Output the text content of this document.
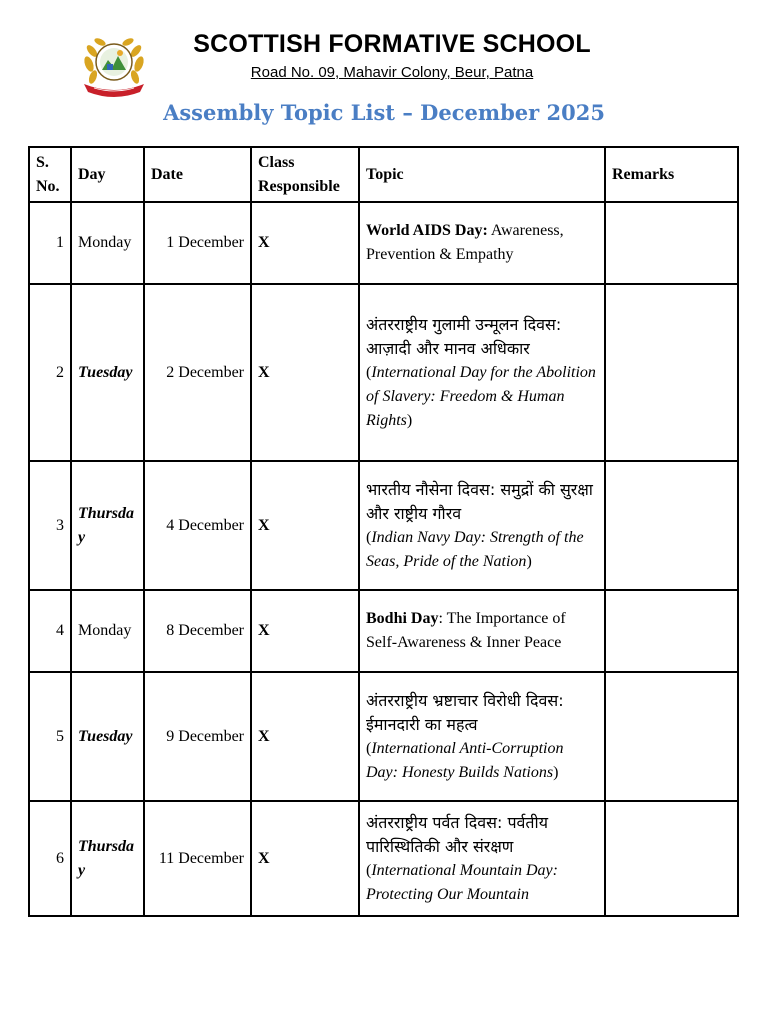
SCOTTISH FORMATIVE SCHOOL
Road No. 09, Mahavir Colony, Beur, Patna
Assembly Topic List – December 2025
S. No.	Day	Date	Class Responsible	Topic	Remarks
1	Monday	1 December	X	World AIDS Day: Awareness, Prevention & Empathy	
2	Tuesday	2 December	X	अंतरराष्ट्रीय गुलामी उन्मूलन दिवस: आज़ादी और मानव अधिकार
(International Day for the Abolition of Slavery: Freedom & Human Rights)	

3	Thursday	4 December	X	भारतीय नौसेना दिवस: समुद्रों की सुरक्षा और राष्ट्रीय गौरव
(Indian Navy Day: Strength of the Seas, Pride of the Nation)	

4	Monday	8 December	X	Bodhi Day: The Importance of Self-Awareness & Inner Peace	
5	Tuesday	9 December	X	अंतरराष्ट्रीय भ्रष्टाचार विरोधी दिवस: ईमानदारी का महत्व
(International Anti-Corruption Day: Honesty Builds Nations)	

6	Thursday	11 December	X	अंतरराष्ट्रीय पर्वत दिवस: पर्वतीय पारिस्थितिकी और संरक्षण
(International Mountain Day: Protecting Our Mountain	
